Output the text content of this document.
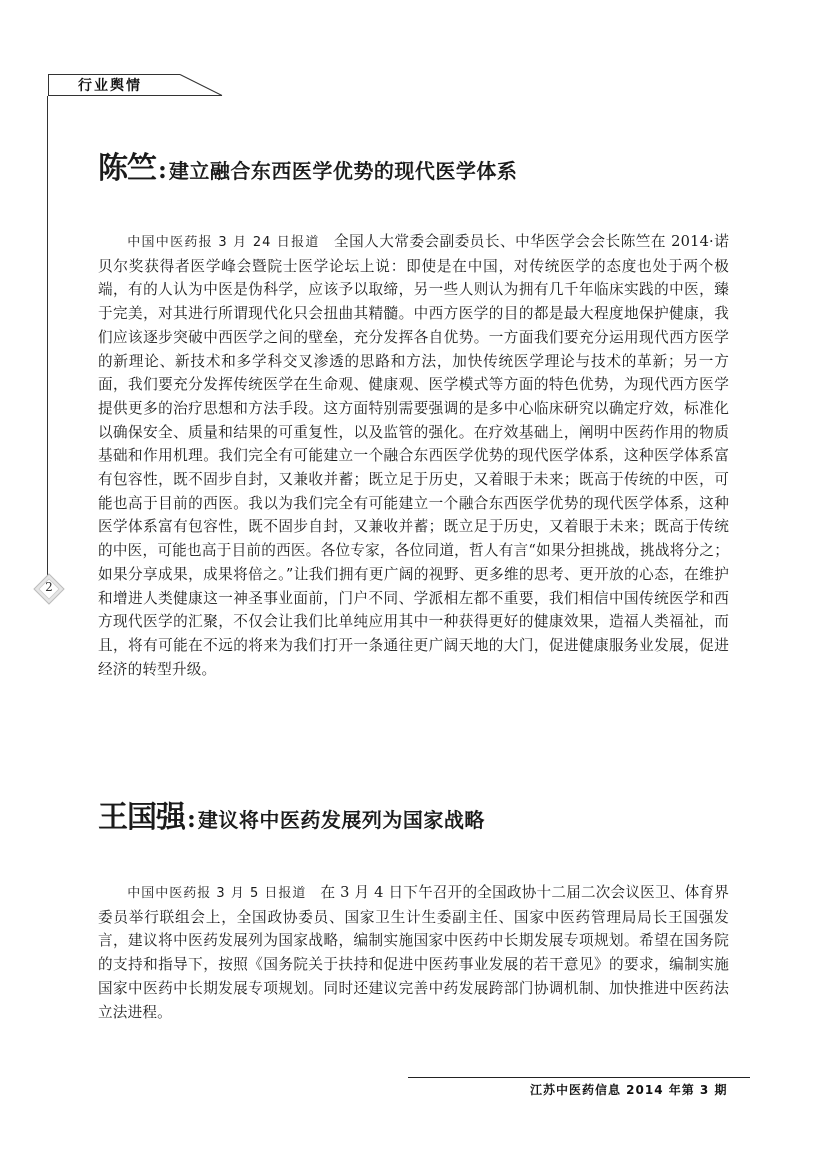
行业舆情
2
陈竺: 建立融合东西医学优势的现代医学体系

中国中医药报 3 月 24 日报道 全国人大常委会副委员长、中华医学会会长陈竺在 2014·诺贝尔奖获得者医学峰会暨院士医学论坛上说：即使是在中国，对传统医学的态度也处于两个极端，有的人认为中医是伪科学，应该予以取缔，另一些人则认为拥有几千年临床实践的中医，臻于完美，对其进行所谓现代化只会扭曲其精髓。中西方医学的目的都是最大程度地保护健康，我们应该逐步突破中西医学之间的壁垒，充分发挥各自优势。一方面我们要充分运用现代西方医学的新理论、新技术和多学科交叉渗透的思路和方法，加快传统医学理论与技术的革新；另一方面，我们要充分发挥传统医学在生命观、健康观、医学模式等方面的特色优势，为现代西方医学提供更多的治疗思想和方法手段。这方面特别需要强调的是多中心临床研究以确定疗效，标准化以确保安全、质量和结果的可重复性，以及监管的强化。在疗效基础上，阐明中医药作用的物质基础和作用机理。我们完全有可能建立一个融合东西医学优势的现代医学体系，这种医学体系富有包容性，既不固步自封，又兼收并蓄；既立足于历史，又着眼于未来；既高于传统的中医，可能也高于目前的西医。我以为我们完全有可能建立一个融合东西医学优势的现代医学体系，这种医学体系富有包容性，既不固步自封，又兼收并蓄；既立足于历史，又着眼于未来；既高于传统的中医，可能也高于目前的西医。各位专家，各位同道，哲人有言“如果分担挑战，挑战将分之；如果分享成果，成果将倍之。”让我们拥有更广阔的视野、更多维的思考、更开放的心态，在维护和增进人类健康这一神圣事业面前，门户不同、学派相左都不重要，我们相信中国传统医学和西方现代医学的汇聚，不仅会让我们比单纯应用其中一种获得更好的健康效果，造福人类福祉，而且，将有可能在不远的将来为我们打开一条通往更广阔天地的大门，促进健康服务业发展，促进经济的转型升级。

王国强: 建议将中医药发展列为国家战略

中国中医药报 3 月 5 日报道 在 3 月 4 日下午召开的全国政协十二届二次会议医卫、体育界委员举行联组会上，全国政协委员、国家卫生计生委副主任、国家中医药管理局局长王国强发言，建议将中医药发展列为国家战略，编制实施国家中医药中长期发展专项规划。希望在国务院的支持和指导下，按照《国务院关于扶持和促进中医药事业发展的若干意见》的要求，编制实施国家中医药中长期发展专项规划。同时还建议完善中药发展跨部门协调机制、加快推进中医药法立法进程。

江苏中医药信息 2014 年第 3 期
